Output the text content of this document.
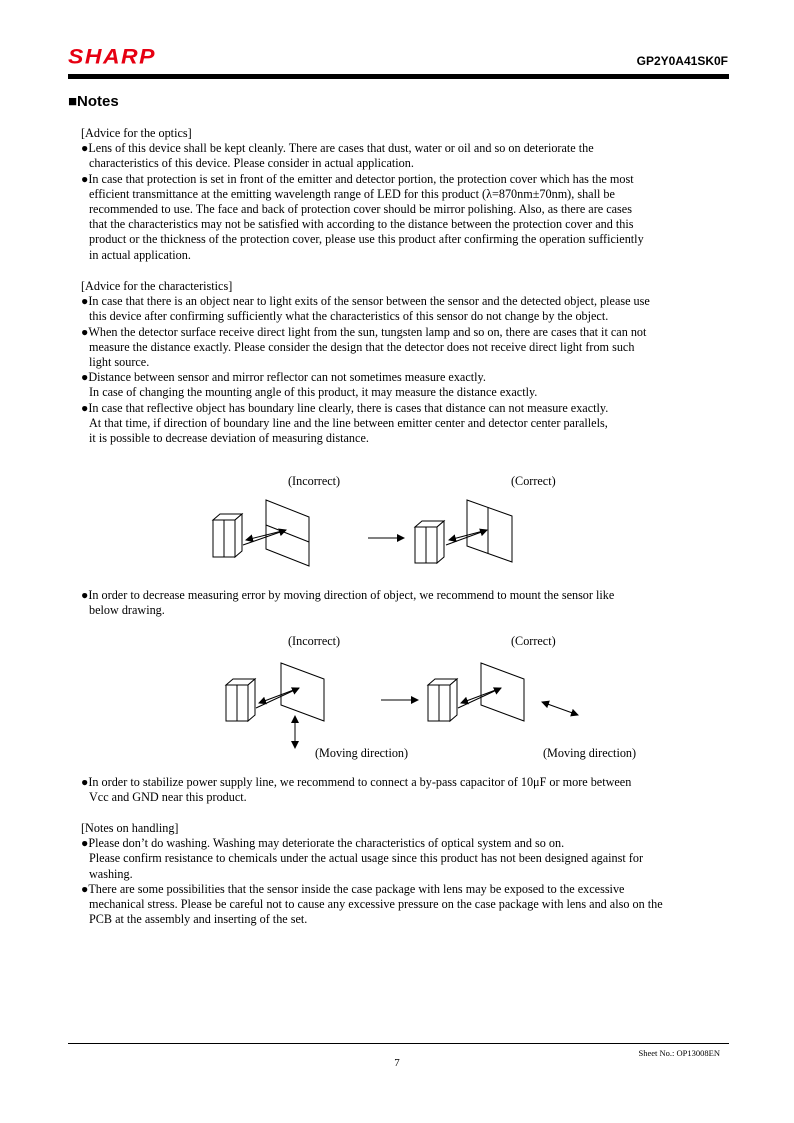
SHARP	GP2Y0A41SK0F
■Notes

[Advice for the optics]

●Lens of this device shall be kept cleanly. There are cases that dust, water or oil and so on deteriorate the
characteristics of this device. Please consider in actual application.

●In case that protection is set in front of the emitter and detector portion, the protection cover which has the most
efficient transmittance at the emitting wavelength range of LED for this product (λ=870nm±70nm), shall be
recommended to use. The face and back of protection cover should be mirror polishing. Also, as there are cases
that the characteristics may not be satisfied with according to the distance between the protection cover and this
product or the thickness of the protection cover, please use this product after confirming the operation sufficiently
in actual application.

[Advice for the characteristics]

●In case that there is an object near to light exits of the sensor between the sensor and the detected object, please use
this device after confirming sufficiently what the characteristics of this sensor do not change by the object.

●When the detector surface receive direct light from the sun, tungsten lamp and so on, there are cases that it can not
measure the distance exactly. Please consider the design that the detector does not receive direct light from such
light source.

●Distance between sensor and mirror reflector can not sometimes measure exactly.
In case of changing the mounting angle of this product, it may measure the distance exactly.

●In case that reflective object has boundary line clearly, there is cases that distance can not measure exactly.
At that time, if direction of boundary line and the line between emitter center and detector center parallels,
it is possible to decrease deviation of measuring distance.

(Incorrect)	(Correct)

●In order to decrease measuring error by moving direction of object, we recommend to mount the sensor like
below drawing.

(Incorrect)	(Correct)
(Moving direction)	(Moving direction)

●In order to stabilize power supply line, we recommend to connect a by-pass capacitor of 10μF or more between
Vcc and GND near this product.

[Notes on handling]

●Please don’t do washing. Washing may deteriorate the characteristics of optical system and so on.

Please confirm resistance to chemicals under the actual usage since this product has not been designed against for
washing.

●There are some possibilities that the sensor inside the case package with lens may be exposed to the excessive
mechanical stress. Please be careful not to cause any excessive pressure on the case package with lens and also on the
PCB at the assembly and inserting of the set.

Sheet No.: OP13008EN
7
